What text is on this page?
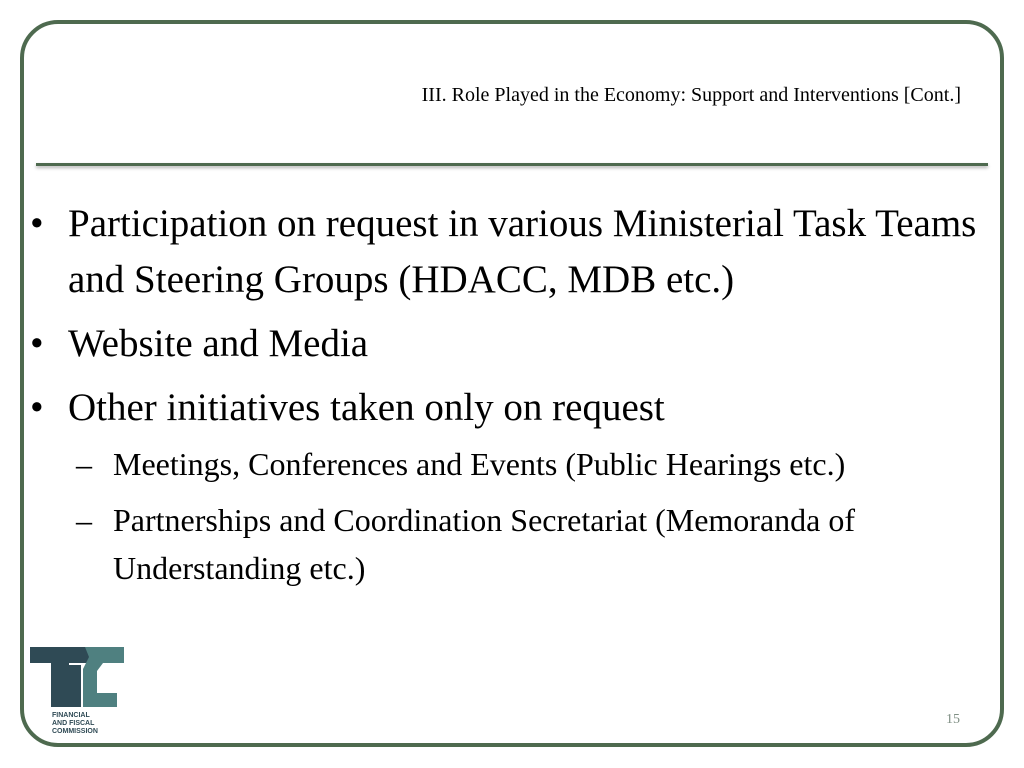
III. Role Played in the Economy: Support and Interventions [Cont.]
• Participation on request in various Ministerial Task Teams and Steering Groups (HDACC, MDB etc.)
• Website and Media
• Other initiatives taken only on request
– Meetings, Conferences and Events (Public Hearings etc.)
– Partnerships and Coordination Secretariat (Memoranda of Understanding etc.)
FINANCIAL
AND FISCAL
COMMISSION
15
